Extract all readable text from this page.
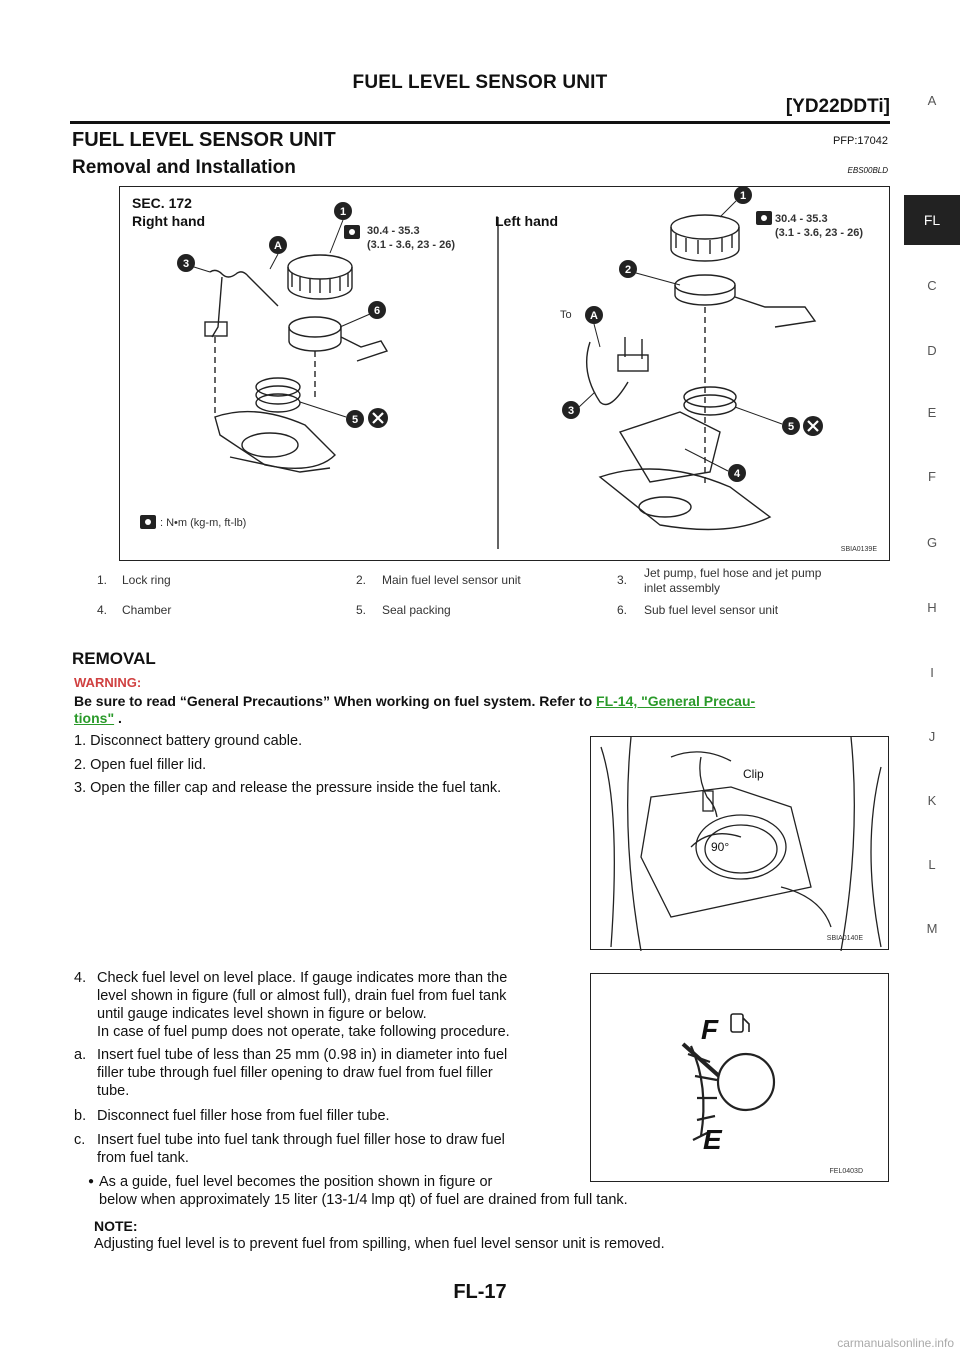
FUEL LEVEL SENSOR UNIT
[YD22DDTi]	A
FL
C
D
E
F
G
H
I
J
K
L
M
FUEL LEVEL SENSOR UNIT	PFP:17042
Removal and Installation	EBS00BLD
1
A
3
6
5
1
2
A
3
4
5
SEC. 172
Right hand	Left hand
30.4 - 35.3
(3.1 - 3.6, 23 - 26)
30.4 - 35.3
(3.1 - 3.6, 23 - 26)
: N•m (kg-m, ft-lb)
To
SBIA0139E
1. Lock ring	2. Main fuel level sensor unit	3. Jet pump, fuel hose and jet pump
inlet assembly
4. Chamber	5. Seal packing	6. Sub fuel level sensor unit
REMOVAL
WARNING:
Be sure to read “General Precautions” When working on fuel system. Refer to FL-14, "General Precau-
tions" .
1. Disconnect battery ground cable.
2. Open fuel filler lid.
3. Open the filler cap and release the pressure inside the fuel tank.
Clip
90°
SBIA0140E
4. Check fuel level on level place. If gauge indicates more than the
level shown in figure (full or almost full), drain fuel from fuel tank
until gauge indicates level shown in figure or below.
In case of fuel pump does not operate, take following procedure.
a. Insert fuel tube of less than 25 mm (0.98 in) in diameter into fuel
filler tube through fuel filler opening to draw fuel from fuel filler
tube.
b. Disconnect fuel filler hose from fuel filler tube.
c. Insert fuel tube into fuel tank through fuel filler hose to draw fuel
from fuel tank.
● As a guide, fuel level becomes the position shown in figure or
below when approximately 15 liter (13-1/4 lmp qt) of fuel are drained from full tank.
NOTE:
Adjusting fuel level is to prevent fuel from spilling, when fuel level sensor unit is removed.
F
E
FEL0403D
FL-17
carmanualsonline.info
